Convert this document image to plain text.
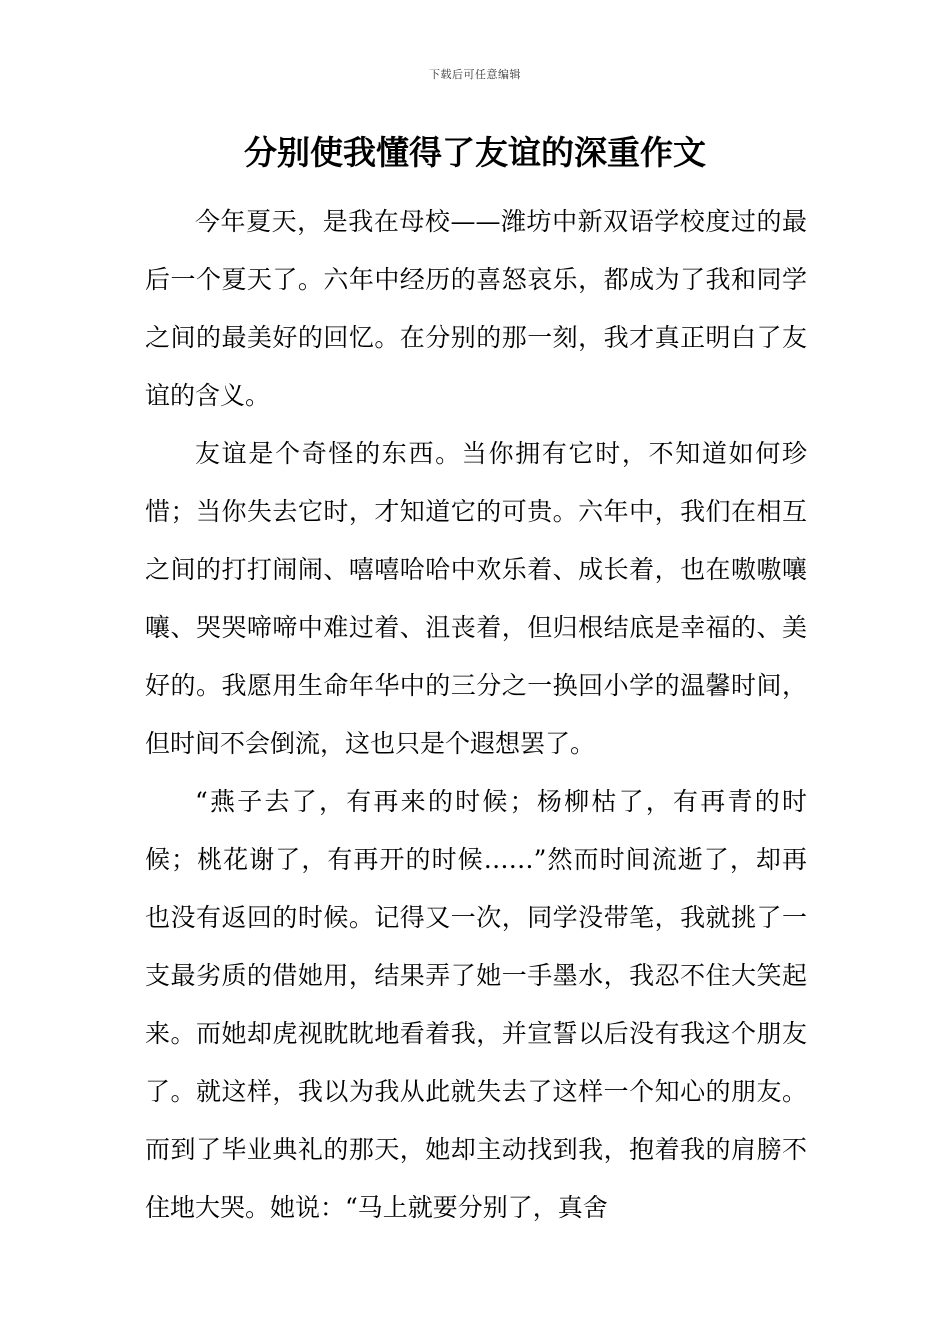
下载后可任意编辑
分别使我懂得了友谊的深重作文

今年夏天，是我在母校——潍坊中新双语学校度过的最后一个夏天了。六年中经历的喜怒哀乐，都成为了我和同学之间的最美好的回忆。在分别的那一刻，我才真正明白了友谊的含义。

友谊是个奇怪的东西。当你拥有它时，不知道如何珍惜；当你失去它时，才知道它的可贵。六年中，我们在相互之间的打打闹闹、嘻嘻哈哈中欢乐着、成长着，也在嗷嗷嚷嚷、哭哭啼啼中难过着、沮丧着，但归根结底是幸福的、美好的。我愿用生命年华中的三分之一换回小学的温馨时间，但时间不会倒流，这也只是个遐想罢了。

“燕子去了，有再来的时候；杨柳枯了，有再青的时候；桃花谢了，有再开的时候……”然而时间流逝了，却再也没有返回的时候。记得又一次，同学没带笔，我就挑了一支最劣质的借她用，结果弄了她一手墨水，我忍不住大笑起来。而她却虎视眈眈地看着我，并宣誓以后没有我这个朋友了。就这样，我以为我从此就失去了这样一个知心的朋友。而到了毕业典礼的那天，她却主动找到我，抱着我的肩膀不住地大哭。她说：“马上就要分别了，真舍
